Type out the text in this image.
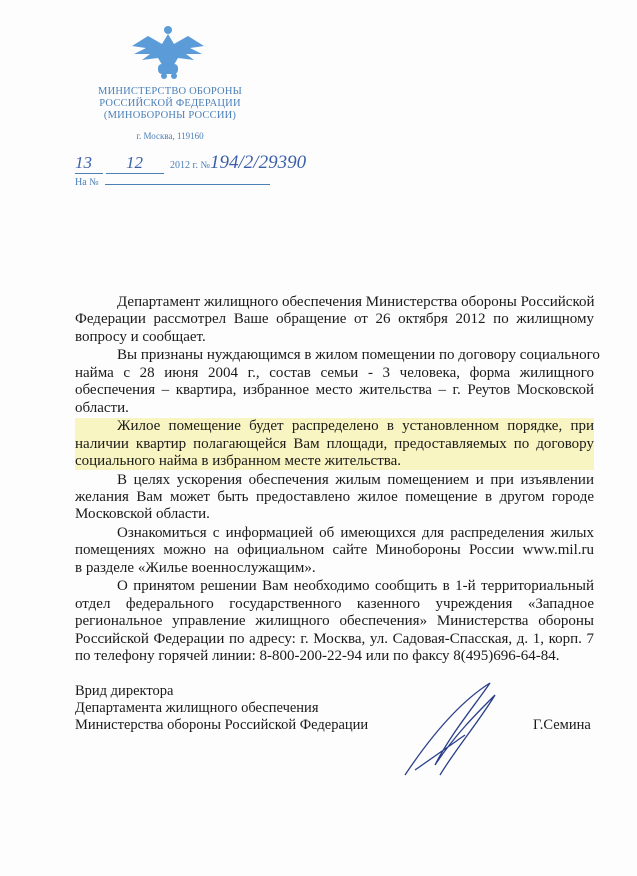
МИНИСТЕРСТВО ОБОРОНЫ
РОССИЙСКОЙ ФЕДЕРАЦИИ
(МИНОБОРОНЫ РОССИИ)
г. Москва, 119160
13 12	2012 г. №194/2/29390
На №
Департамент жилищного обеспечения Министерства обороны Российской
Федерации рассмотрел Ваше обращение от 26 октября 2012 по жилищному
вопросу и сообщает.
Вы признаны нуждающимся в жилом помещении по договору социального
найма с 28 июня 2004 г., состав семьи - 3 человека, форма жилищного
обеспечения – квартира, избранное место жительства – г. Реутов Московской
области.
Жилое помещение будет распределено в установленном порядке, при
наличии квартир полагающейся Вам площади, предоставляемых по договору
социального найма в избранном месте жительства.
В целях ускорения обеспечения жилым помещением и при изъявлении
желания Вам может быть предоставлено жилое помещение в другом городе
Московской области.
Ознакомиться с информацией об имеющихся для распределения жилых
помещениях можно на официальном сайте Минобороны России www.mil.ru
в разделе «Жилье военнослужащим».
О принятом решении Вам необходимо сообщить в 1-й территориальный
отдел федерального государственного казенного учреждения «Западное
региональное управление жилищного обеспечения» Министерства обороны
Российской Федерации по адресу: г. Москва, ул. Садовая-Спасская, д. 1, корп. 7
по телефону горячей линии: 8-800-200-22-94 или по факсу 8(495)696-64-84.
Врид директора
Департамента жилищного обеспечения
Министерства обороны Российской Федерации	Г.Семина
